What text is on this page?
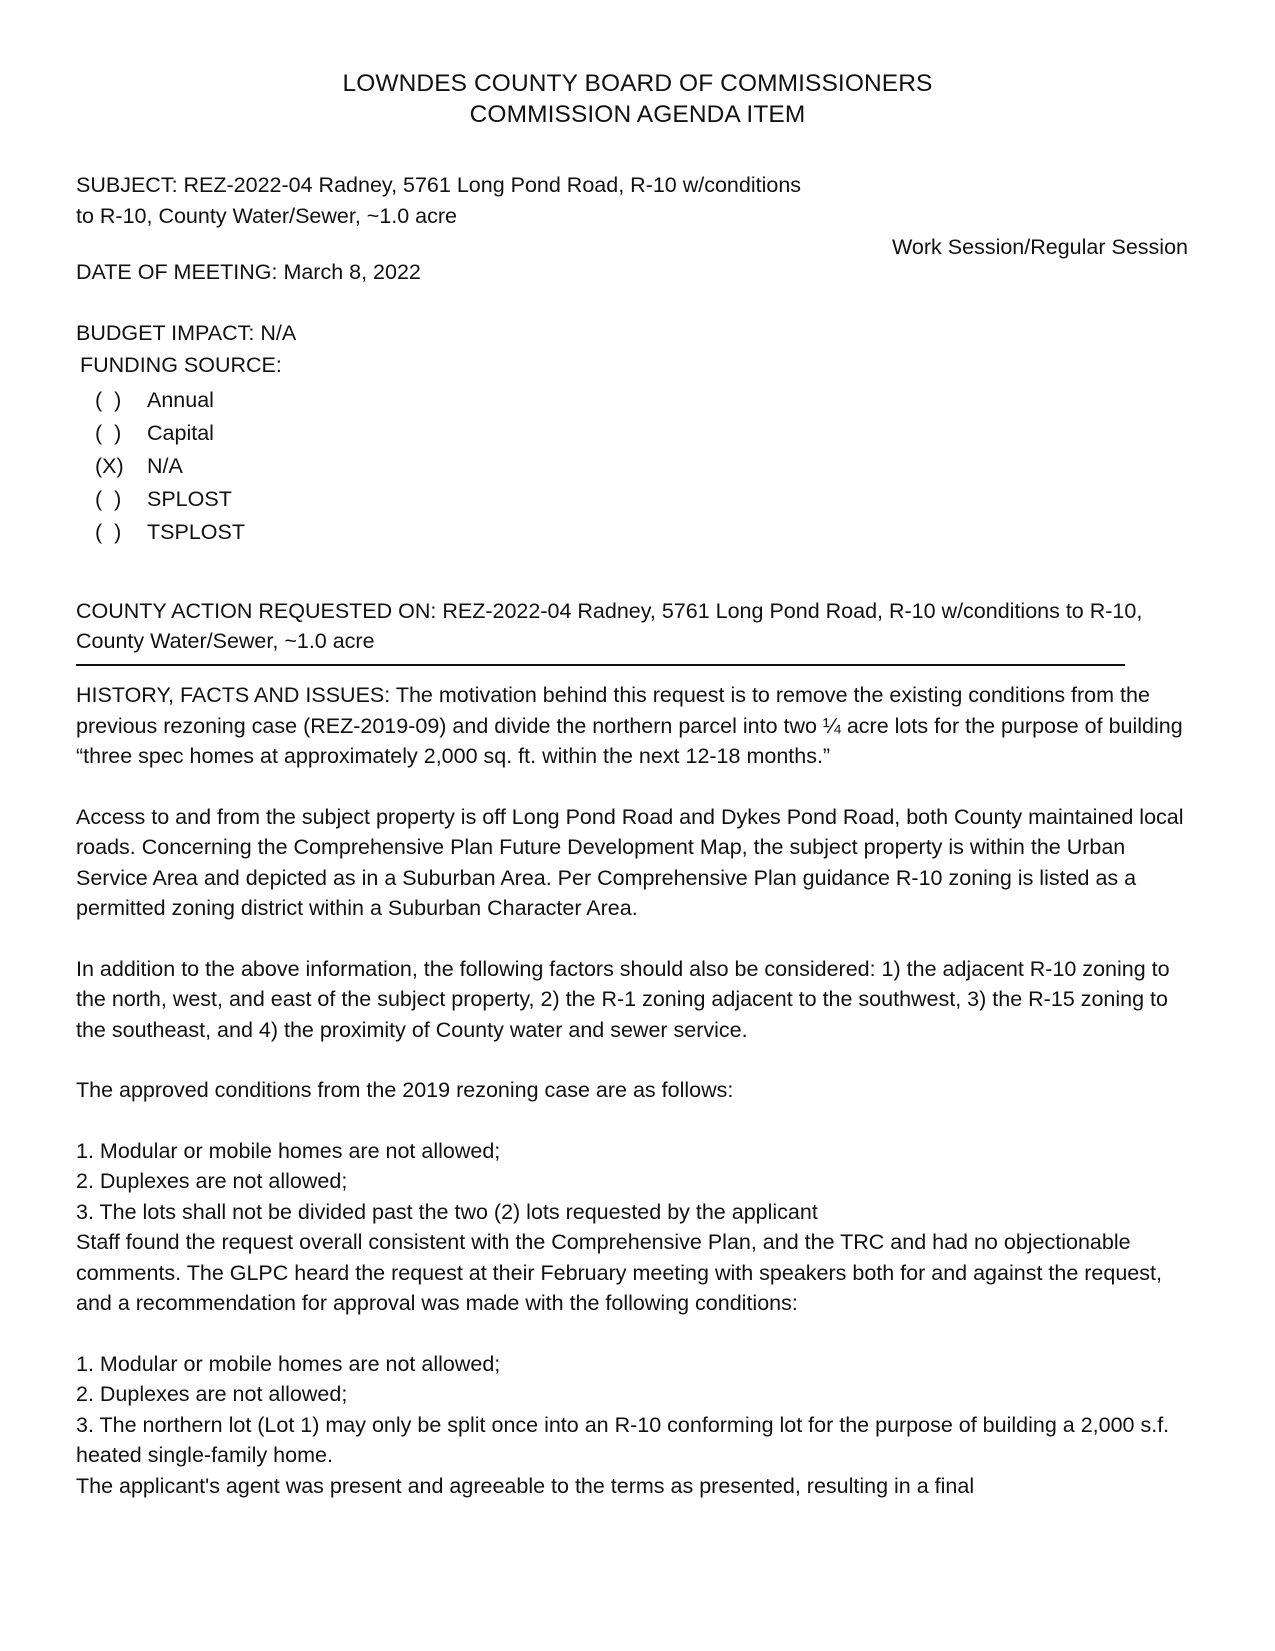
LOWNDES COUNTY BOARD OF COMMISSIONERS
COMMISSION AGENDA ITEM
SUBJECT: REZ-2022-04 Radney, 5761 Long Pond Road, R-10 w/conditions
to R-10, County Water/Sewer, ~1.0 acre
Work Session/Regular Session
DATE OF MEETING: March 8, 2022
BUDGET IMPACT: N/A
FUNDING SOURCE:
(  )	Annual
(  )	Capital
(X)	N/A
(  )	SPLOST
(  )	TSPLOST
COUNTY ACTION REQUESTED ON: REZ-2022-04 Radney, 5761 Long Pond Road, R-10 w/conditions to R-10,
County Water/Sewer, ~1.0 acre

HISTORY, FACTS AND ISSUES: The motivation behind this request is to remove the existing conditions from the previous rezoning case (REZ-2019-09) and divide the northern parcel into two ¼ acre lots for the purpose of building “three spec homes at approximately 2,000 sq. ft. within the next 12-18 months.”

Access to and from the subject property is off Long Pond Road and Dykes Pond Road, both County maintained local roads. Concerning the Comprehensive Plan Future Development Map, the subject property is within the Urban Service Area and depicted as in a Suburban Area. Per Comprehensive Plan guidance R-10 zoning is listed as a permitted zoning district within a Suburban Character Area.

In addition to the above information, the following factors should also be considered: 1) the adjacent R-10 zoning to the north, west, and east of the subject property, 2) the R-1 zoning adjacent to the southwest, 3) the R-15 zoning to the southeast, and 4) the proximity of County water and sewer service.

The approved conditions from the 2019 rezoning case are as follows:

1. Modular or mobile homes are not allowed;

2. Duplexes are not allowed;

3. The lots shall not be divided past the two (2) lots requested by the applicant

Staff found the request overall consistent with the Comprehensive Plan, and the TRC and had no objectionable comments. The GLPC heard the request at their February meeting with speakers both for and against the request, and a recommendation for approval was made with the following conditions:

1. Modular or mobile homes are not allowed;

2. Duplexes are not allowed;

3. The northern lot (Lot 1) may only be split once into an R-10 conforming lot for the purpose of building a 2,000 s.f. heated single-family home.

The applicant's agent was present and agreeable to the terms as presented, resulting in a final
